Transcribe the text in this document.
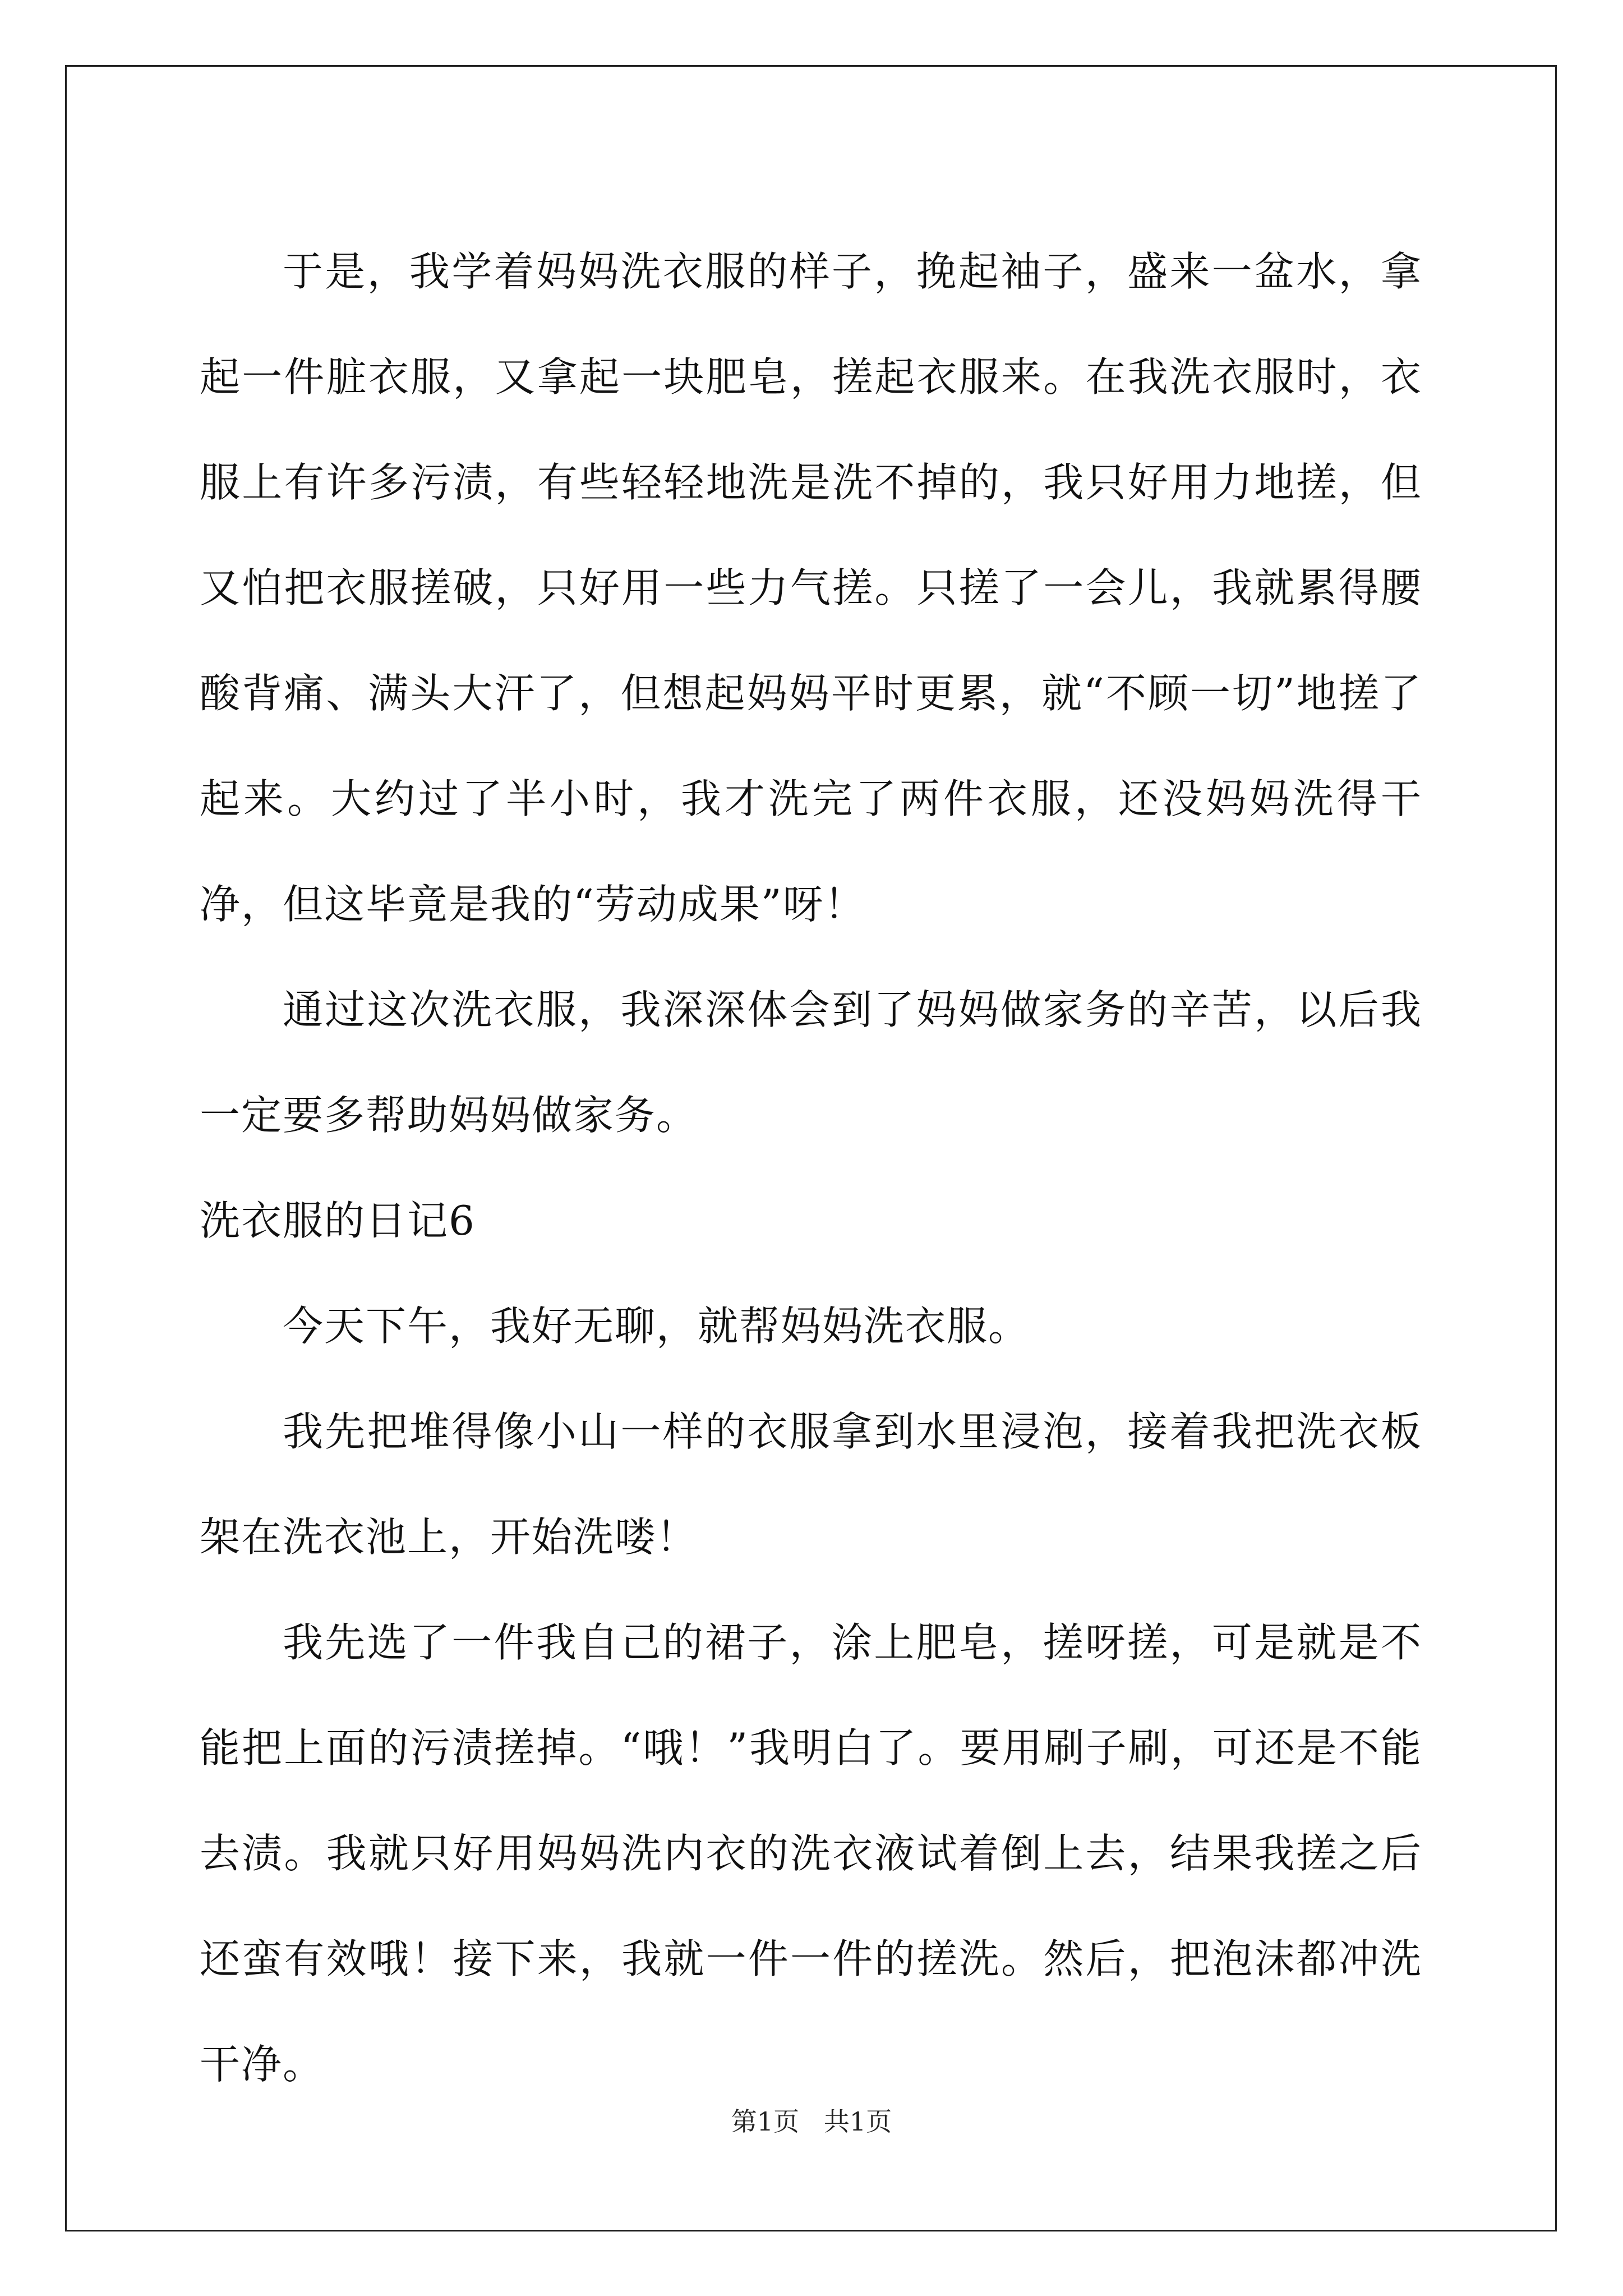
于是，我学着妈妈洗衣服的样子，挽起袖子，盛来一盆水，拿起一件脏衣服，又拿起一块肥皂，搓起衣服来。在我洗衣服时，衣服上有许多污渍，有些轻轻地洗是洗不掉的，我只好用力地搓，但又怕把衣服搓破，只好用一些力气搓。只搓了一会儿，我就累得腰酸背痛、满头大汗了，但想起妈妈平时更累，就“不顾一切”地搓了起来。大约过了半小时，我才洗完了两件衣服，还没妈妈洗得干净，但这毕竟是我的“劳动成果”呀！

通过这次洗衣服，我深深体会到了妈妈做家务的辛苦，以后我一定要多帮助妈妈做家务。

洗衣服的日记6

今天下午，我好无聊，就帮妈妈洗衣服。

我先把堆得像小山一样的衣服拿到水里浸泡，接着我把洗衣板架在洗衣池上，开始洗喽！

我先选了一件我自己的裙子，涂上肥皂，搓呀搓，可是就是不能把上面的污渍搓掉。“哦！”我明白了。要用刷子刷，可还是不能去渍。我就只好用妈妈洗内衣的洗衣液试着倒上去，结果我搓之后还蛮有效哦！接下来，我就一件一件的搓洗。然后，把泡沫都冲洗干净。

第1页   共1页
